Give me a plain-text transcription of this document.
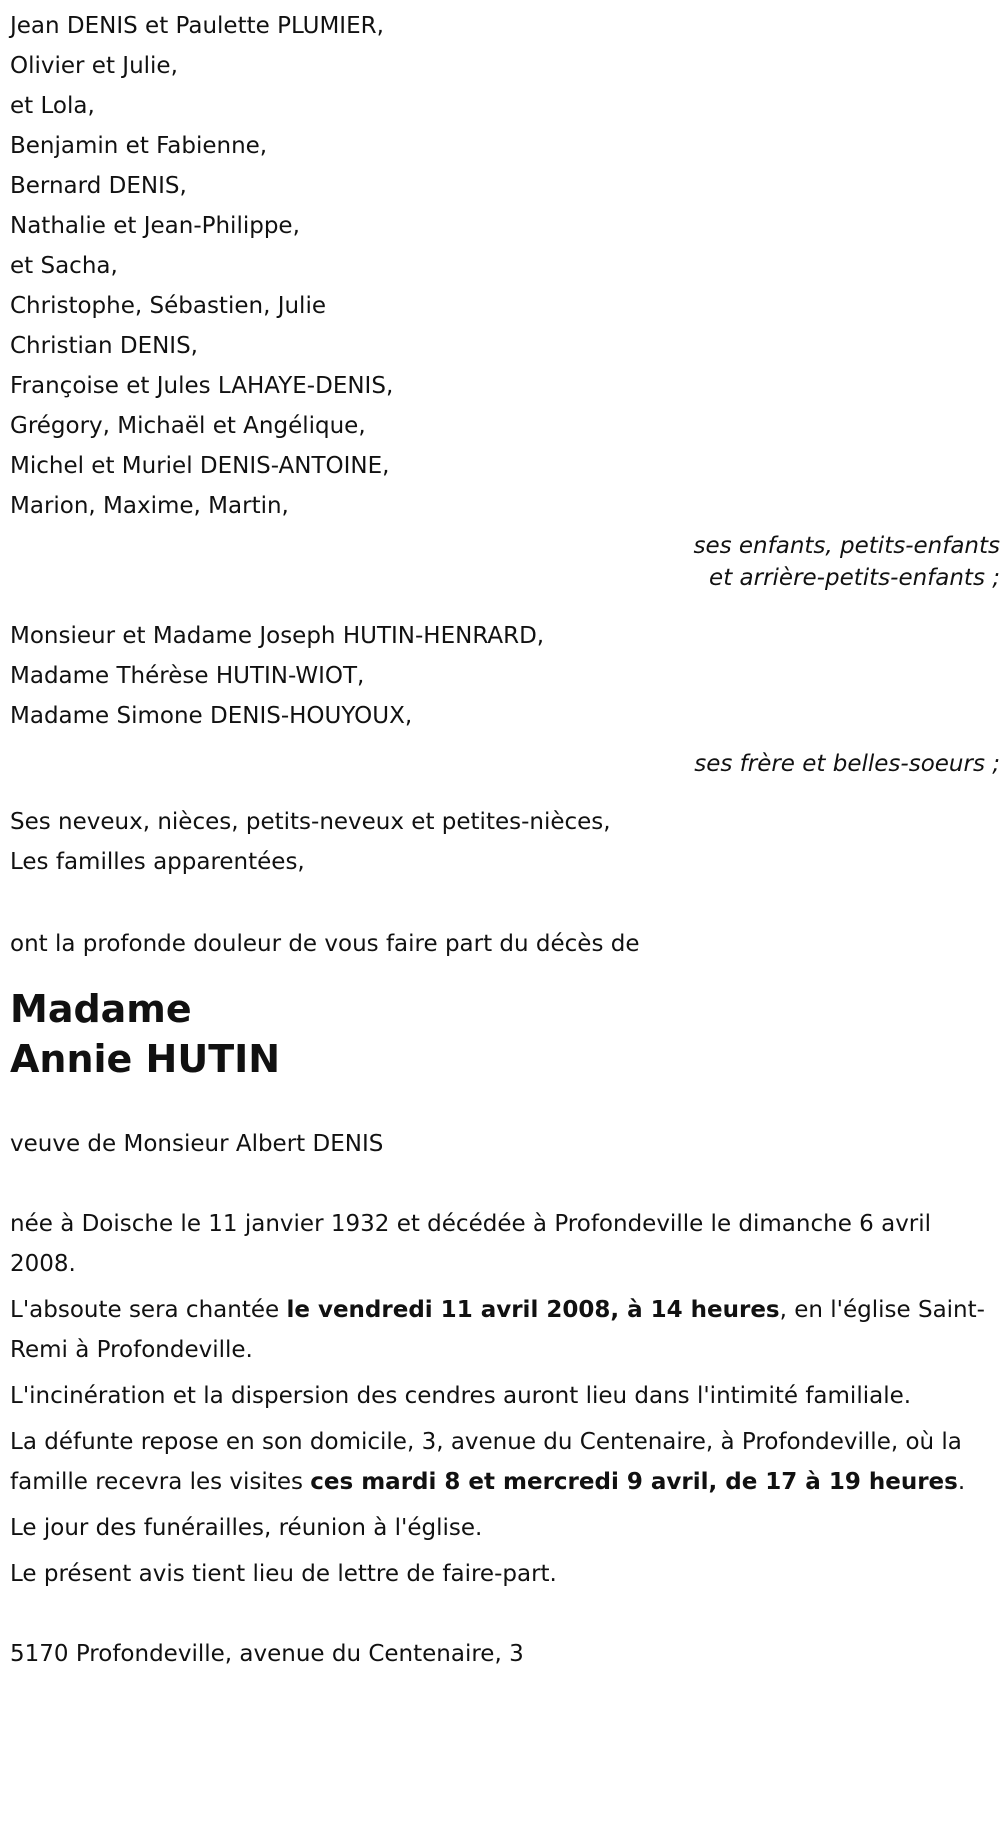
Jean DENIS et Paulette PLUMIER,
Olivier et Julie,
et Lola,
Benjamin et Fabienne,
Bernard DENIS,
Nathalie et Jean-Philippe,
et Sacha,
Christophe, Sébastien, Julie
Christian DENIS,
Françoise et Jules LAHAYE-DENIS,
Grégory, Michaël et Angélique,
Michel et Muriel DENIS-ANTOINE,
Marion, Maxime, Martin,
ses enfants, petits-enfants
et arrière-petits-enfants ;
Monsieur et Madame Joseph HUTIN-HENRARD,
Madame Thérèse HUTIN-WIOT,
Madame Simone DENIS-HOUYOUX,
ses frère et belles-soeurs ;
Ses neveux, nièces, petits-neveux et petites-nièces,
Les familles apparentées,
ont la profonde douleur de vous faire part du décès de
Madame
Annie HUTIN
veuve de Monsieur Albert DENIS

née à Doische le 11 janvier 1932 et décédée à Profondeville le dimanche 6 avril 2008.

L'absoute sera chantée le vendredi 11 avril 2008, à 14 heures, en l'église Saint-Remi à Profondeville.

L'incinération et la dispersion des cendres auront lieu dans l'intimité familiale.

La défunte repose en son domicile, 3, avenue du Centenaire, à Profondeville, où la famille recevra les visites ces mardi 8 et mercredi 9 avril, de 17 à 19 heures.

Le jour des funérailles, réunion à l'église.

Le présent avis tient lieu de lettre de faire-part.

5170 Profondeville, avenue du Centenaire, 3
